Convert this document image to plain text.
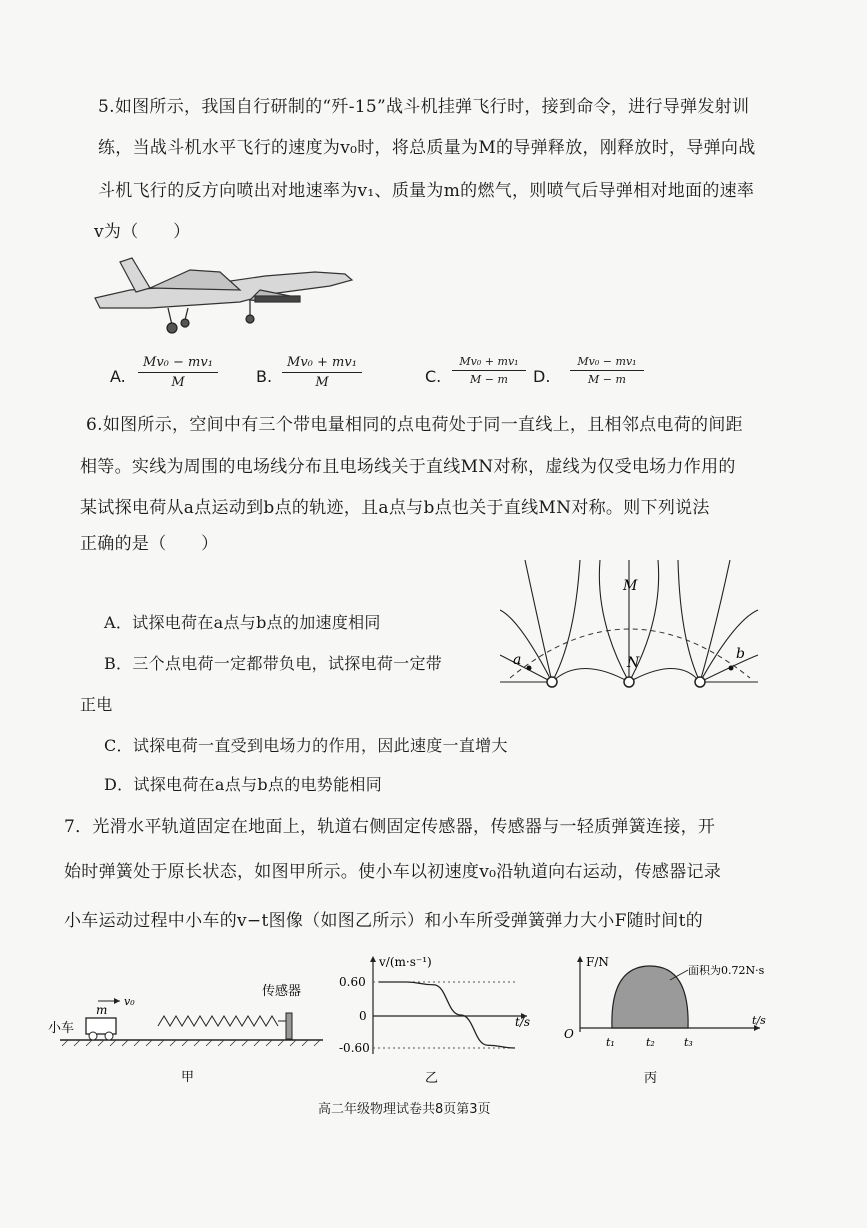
5.如图所示，我国自行研制的“歼-15”战斗机挂弹飞行时，接到命令，进行导弹发射训
练，当战斗机水平飞行的速度为v₀时，将总质量为M的导弹释放，刚释放时，导弹向战
斗机飞行的反方向喷出对地速率为v₁、质量为m的燃气，则喷气后导弹相对地面的速率
v为（　　）
A. $\frac{\text{Mv₀ − mv₁}}{M} B$. $\frac{\text{Mv₀ + mv₁}}{M}$	C. $\frac{\text{Mv₀ + mv₁}}{M - m} D$. $\frac{\text{Mv₀ − mv₁}}{M - m}$
6.如图所示，空间中有三个带电量相同的点电荷处于同一直线上，且相邻点电荷的间距
相等。实线为周围的电场线分布且电场线关于直线MN对称，虚线为仅受电场力作用的
某试探电荷从a点运动到b点的轨迹，且a点与b点也关于直线MN对称。则下列说法
正确的是（　　）
A．试探电荷在a点与b点的加速度相同
B．三个点电荷一定都带负电，试探电荷一定带
正电
C．试探电荷一直受到电场力的作用，因此速度一直增大
D．试探电荷在a点与b点的电势能相同
M
N
a	b
7．光滑水平轨道固定在地面上，轨道右侧固定传感器，传感器与一轻质弹簧连接，开
始时弹簧处于原长状态，如图甲所示。使小车以初速度v₀沿轨道向右运动，传感器记录
小车运动过程中小车的v−t图像（如图乙所示）和小车所受弹簧弹力大小F随时间t的
小车
m
v₀
传感器
甲
v/(m·s⁻¹)
t/s
0.60
0
-0.60
乙
F/N
t/s
O
t₁	t₂	t₃
面积为0.72N·s
丙
高二年级物理试卷共8页第3页
